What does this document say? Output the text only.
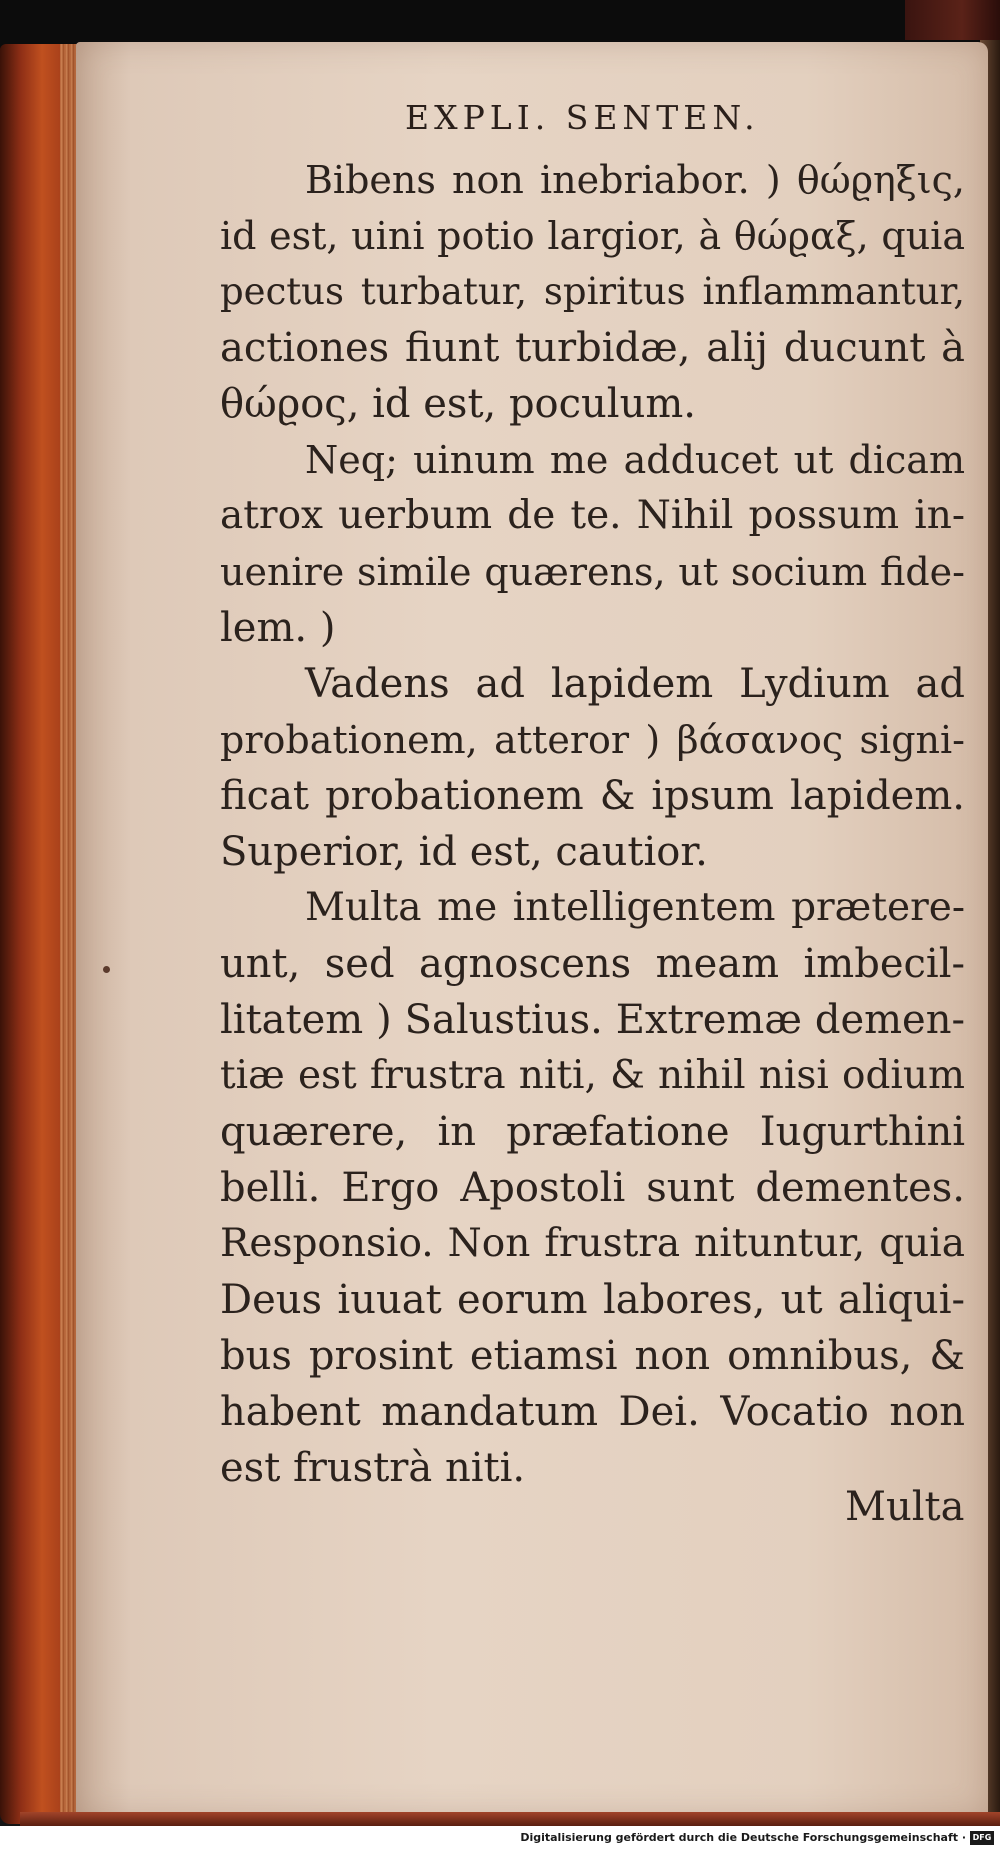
EXPLI. SENTEN.
Bibens non inebriabor. ) θώϱηξις,
id est, uini potio largior, à θώϱαξ, quia
pectus turbatur, spiritus inflammantur,
actiones fiunt turbidæ, alij ducunt à
θώϱος, id est, poculum.
Neq; uinum me adducet ut dicam
atrox uerbum de te. Nihil possum in-
uenire simile quærens, ut socium fide-
lem. )
Vadens ad lapidem Lydium ad
probationem, atteror ) βάσανος signi-
ficat probationem & ipsum lapidem.
Superior, id est, cautior.
Multa me intelligentem prætere-
unt, sed agnoscens meam imbecil-
litatem ) Salustius. Extremæ demen-
tiæ est frustra niti, & nihil nisi odium
quærere, in præfatione Iugurthini
belli. Ergo Apostoli sunt dementes.
Responsio. Non frustra nituntur, quia
Deus iuuat eorum labores, ut aliqui-
bus prosint etiamsi non omnibus, &
habent mandatum Dei. Vocatio non
est frustrà niti.
Multa
Digitalisierung gefördert durch die Deutsche Forschungsgemeinschaft · DFG
